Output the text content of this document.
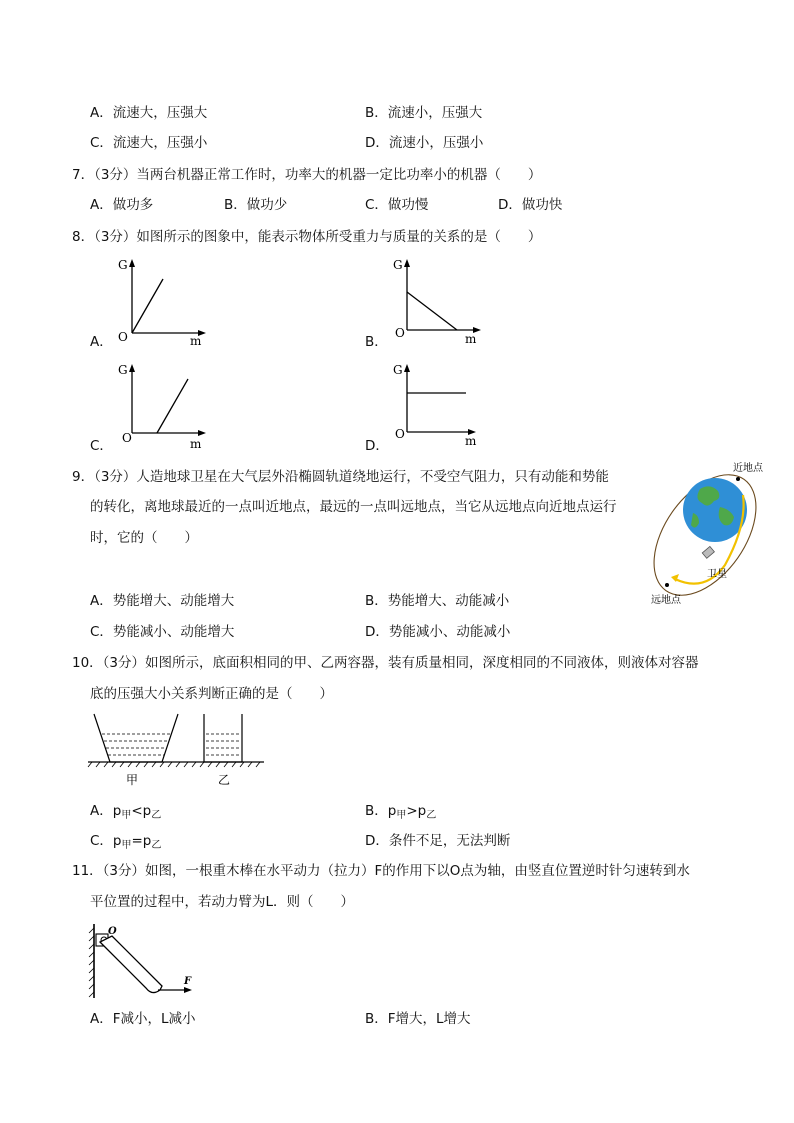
A．流速大，压强大	B．流速小，压强大
C．流速大，压强小	D．流速小，压强小
7．（3分）当两台机器正常工作时，功率大的机器一定比功率小的机器（　　）
A．做功多	B．做功少	C．做功慢	D．做功快
8．（3分）如图所示的图象中，能表示物体所受重力与质量的关系的是（　　）
A．
G
O	m	B．
G
O	m
C．
G
O	m	D．
G
O	m
9．（3分）人造地球卫星在大气层外沿椭圆轨道绕地运行，不受空气阻力，只有动能和势能
的转化，离地球最近的一点叫近地点，最远的一点叫远地点，当它从远地点向近地点运行
时，它的（　　）
近地点
远地点
卫星
A．势能增大、动能增大	B．势能增大、动能减小
C．势能减小、动能增大	D．势能减小、动能减小
10．（3分）如图所示，底面积相同的甲、乙两容器，装有质量相同，深度相同的不同液体，则液体对容器
底的压强大小关系判断正确的是（　　）
甲	乙
A．$p_甲<p_乙$	B．$p_甲>p_乙$
C．$p_甲=p_乙$	D．条件不足，无法判断
11．（3分）如图，一根重木棒在水平动力（拉力）F的作用下以O点为轴，由竖直位置逆时针匀速转到水
平位置的过程中，若动力臂为L．则（　　）
O
F
A．F减小，L减小	B．F增大，L增大
